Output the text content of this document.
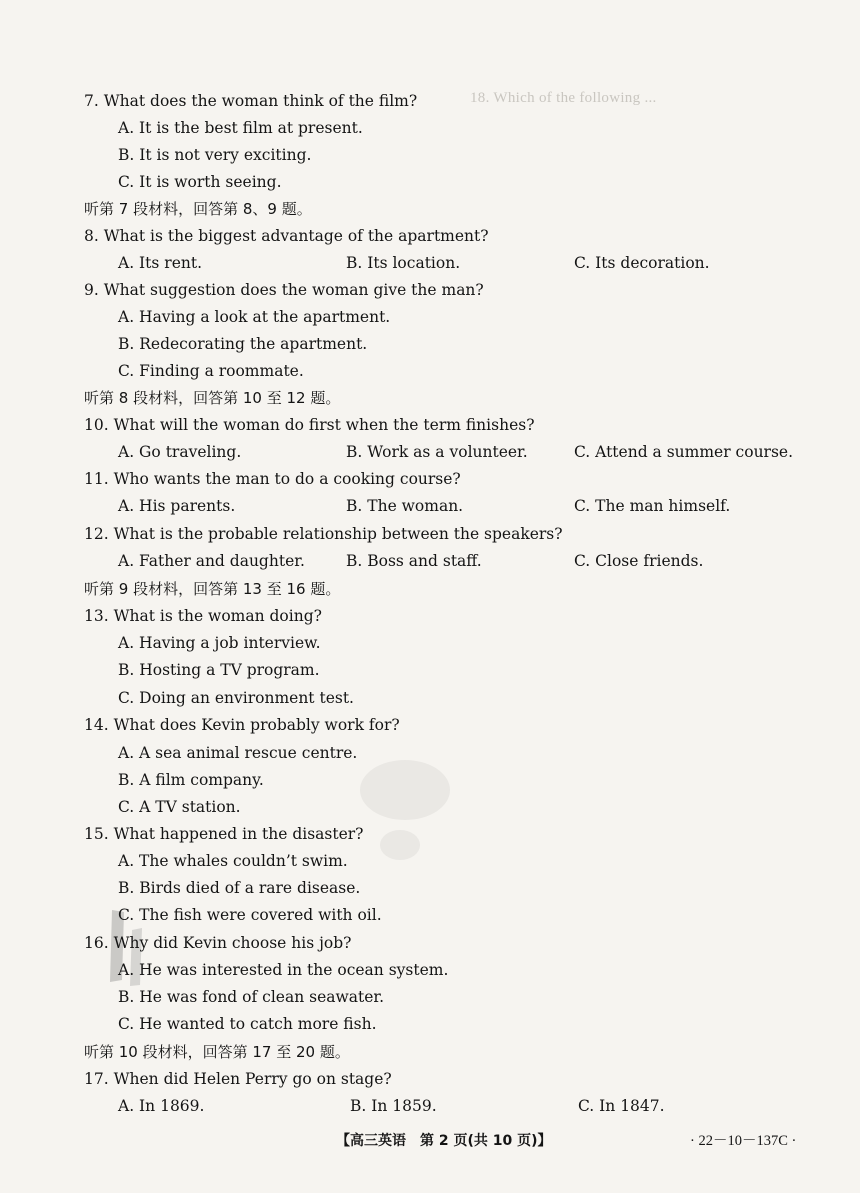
18. Which of the following ...
7. What does the woman think of the film?
A. It is the best film at present.
B. It is not very exciting.
C. It is worth seeing.
听第 7 段材料，回答第 8、9 题。
8. What is the biggest advantage of the apartment?
A. Its rent.	B. Its location.	C. Its decoration.
9. What suggestion does the woman give the man?
A. Having a look at the apartment.
B. Redecorating the apartment.
C. Finding a roommate.
听第 8 段材料，回答第 10 至 12 题。
10. What will the woman do first when the term finishes?
A. Go traveling.	B. Work as a volunteer.	C. Attend a summer course.
11. Who wants the man to do a cooking course?
A. His parents.	B. The woman.	C. The man himself.
12. What is the probable relationship between the speakers?
A. Father and daughter.	B. Boss and staff.	C. Close friends.
听第 9 段材料，回答第 13 至 16 题。
13. What is the woman doing?
A. Having a job interview.
B. Hosting a TV program.
C. Doing an environment test.
14. What does Kevin probably work for?
A. A sea animal rescue centre.
B. A film company.
C. A TV station.
15. What happened in the disaster?
A. The whales couldn’t swim.
B. Birds died of a rare disease.
C. The fish were covered with oil.
16. Why did Kevin choose his job?
A. He was interested in the ocean system.
B. He was fond of clean seawater.
C. He wanted to catch more fish.
听第 10 段材料，回答第 17 至 20 题。
17. When did Helen Perry go on stage?
A. In 1869.	B. In 1859.	C. In 1847.
【高三英语　第 2 页(共 10 页)】	· 22－10－137C ·
